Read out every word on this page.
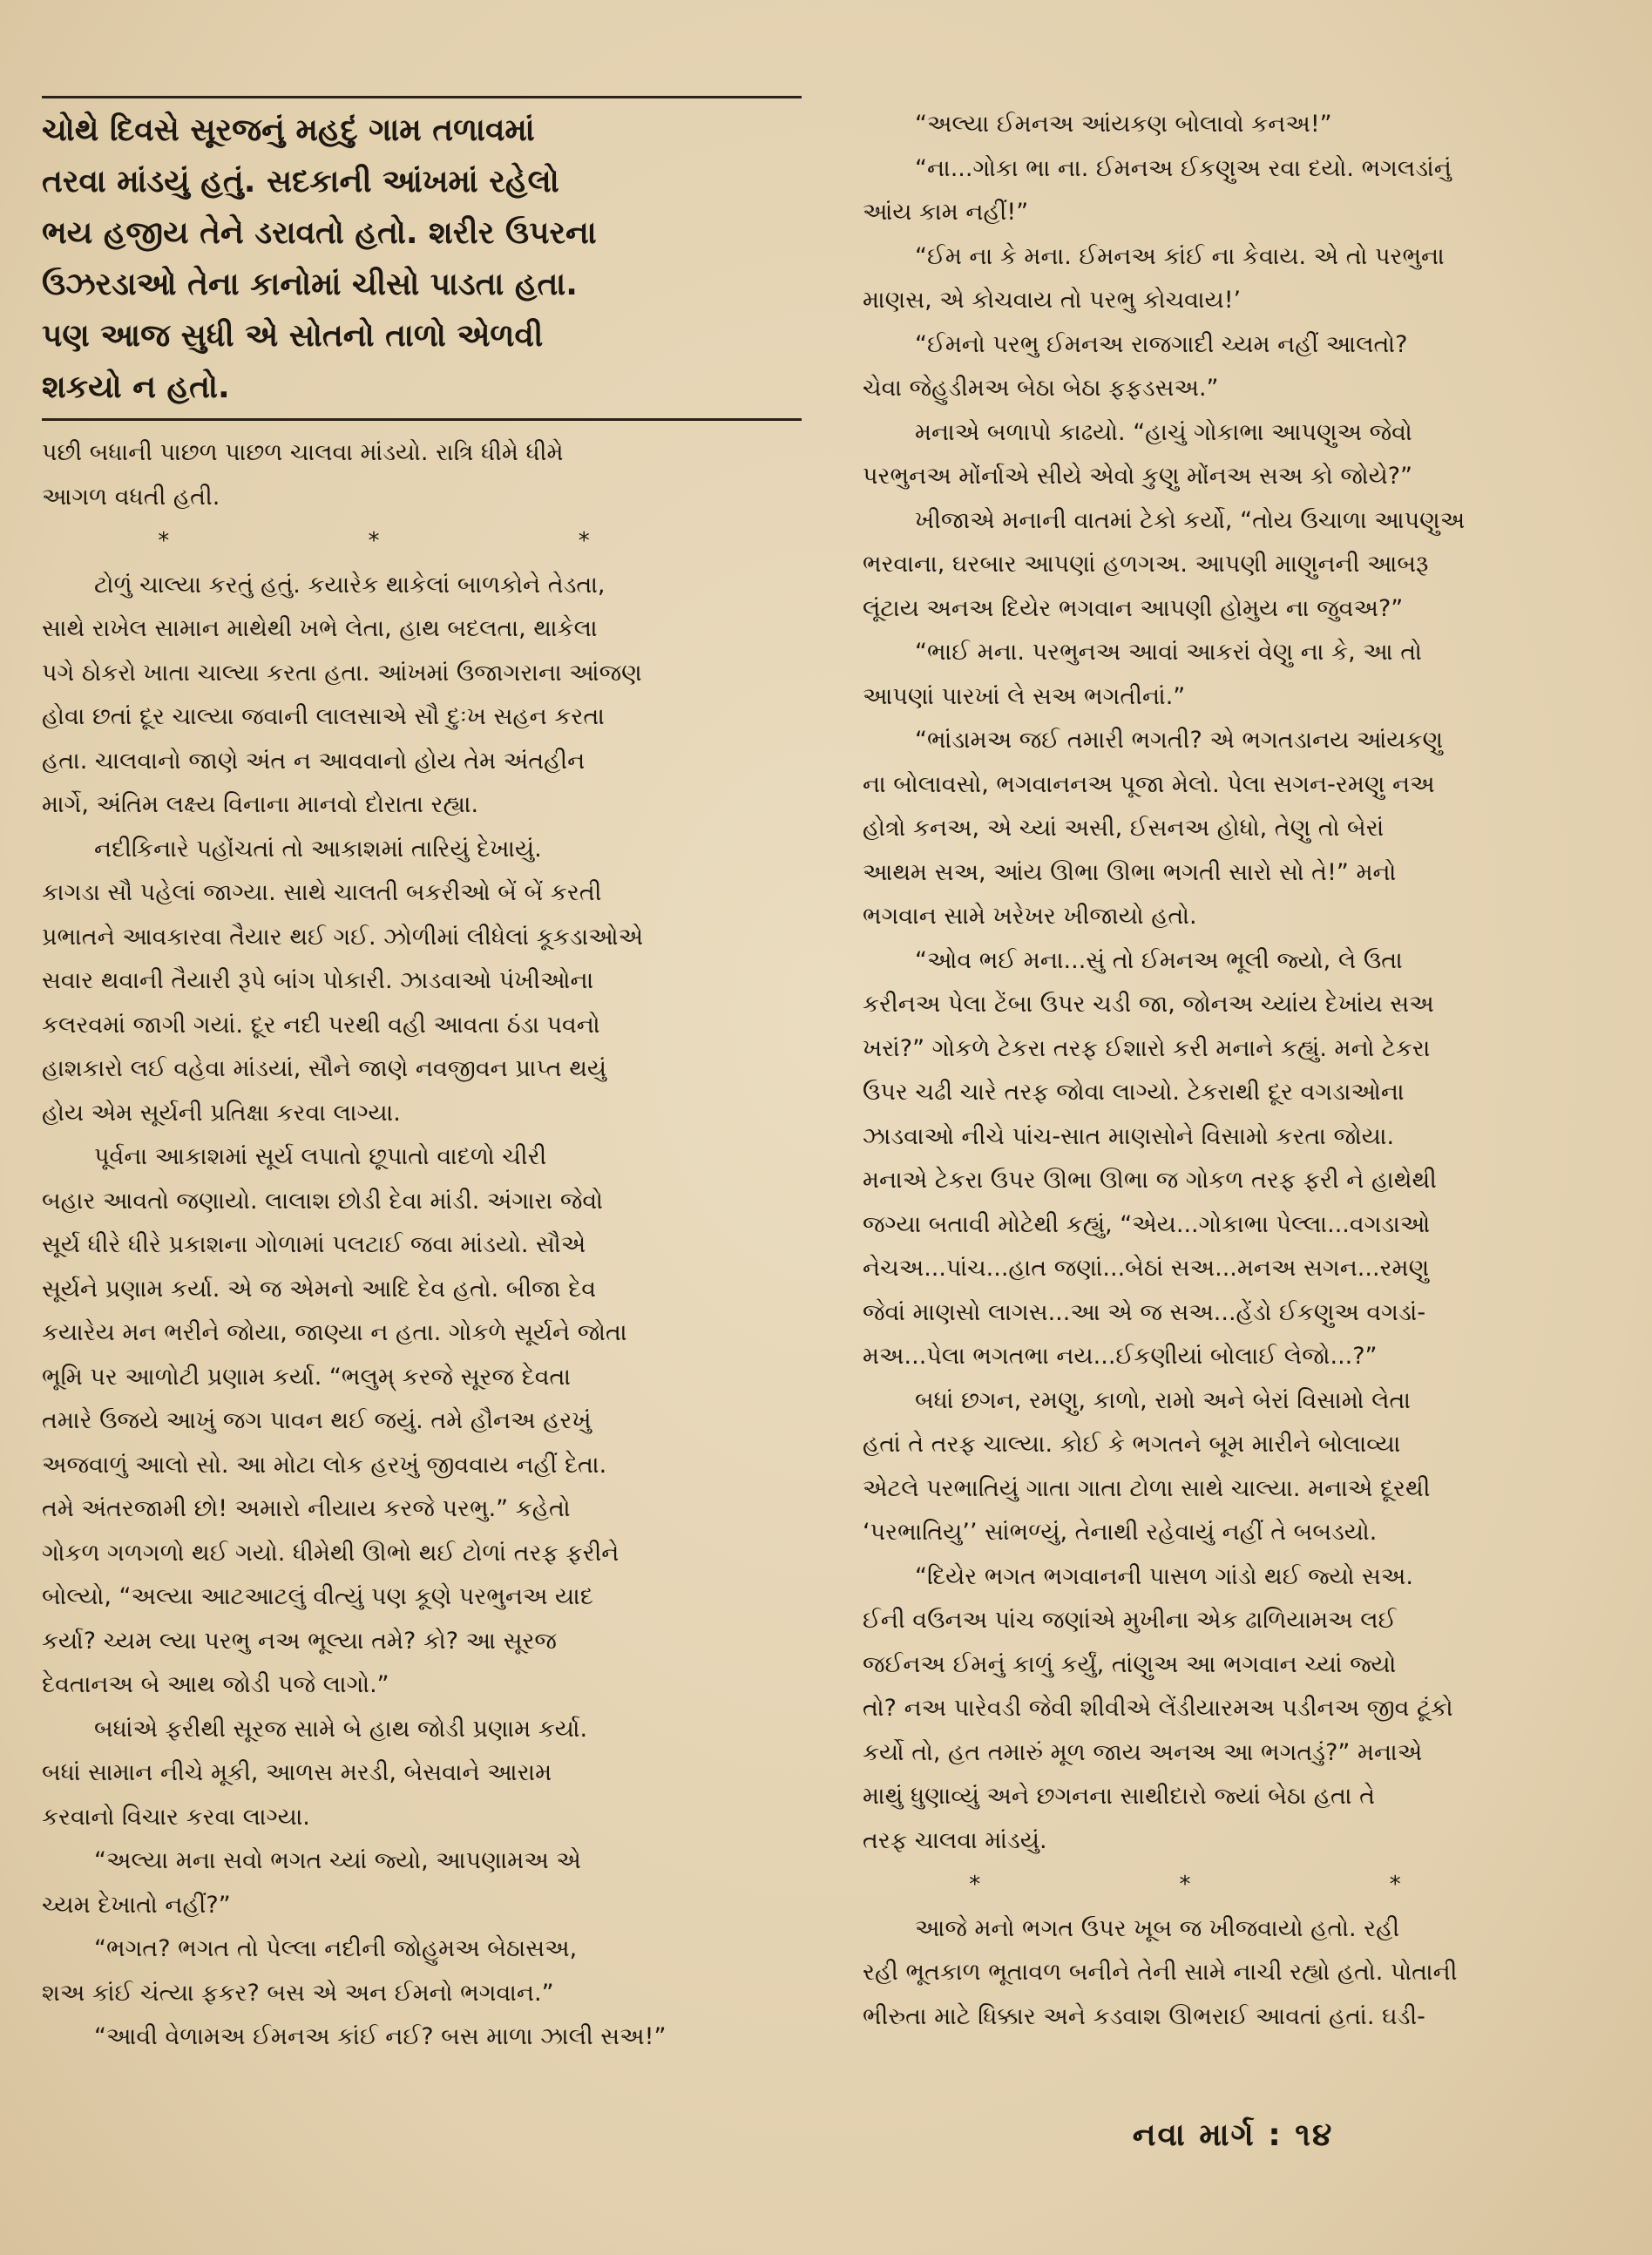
ચોથે દિવસે સૂરજનું મહદું ગામ તળાવમાં
તરવા માંડયું હતું. સદકાની આંખમાં રહેલો
ભય હજીય તેને ડરાવતો હતો. શરીર ઉપરના
ઉઝરડાઓ તેના કાનોમાં ચીસો પાડતા હતા.
પણ આજ સુધી એ સોતનો તાળો એળવી
શકયો ન હતો.
પછી બધાની પાછળ પાછળ ચાલવા માંડયો. રાત્રિ ધીમે ધીમે
આગળ વધતી હતી.
* * *
ટોળું ચાલ્યા કરતું હતું. કયારેક થાકેલાં બાળકોને તેડતા,
સાથે રાખેલ સામાન માથેથી ખભે લેતા, હાથ બદલતા, થાકેલા
પગે ઠોકરો ખાતા ચાલ્યા કરતા હતા. આંખમાં ઉજાગરાના આંજણ
હોવા છતાં દૂર ચાલ્યા જવાની લાલસાએ સૌ દુઃખ સહન કરતા
હતા. ચાલવાનો જાણે અંત ન આવવાનો હોય તેમ અંતહીન
માર્ગે, અંતિમ લક્ષ્ય વિનાના માનવો દોરાતા રહ્યા.
નદીકિનારે પહોંચતાં તો આકાશમાં તારિયું દેખાયું.
કાગડા સૌ પહેલાં જાગ્યા. સાથે ચાલતી બકરીઓ બેં બેં કરતી
પ્રભાતને આવકારવા તૈયાર થઈ ગઈ. ઝોળીમાં લીધેલાં કૂકડાઓએ
સવાર થવાની તૈયારી રૂપે બાંગ પોકારી. ઝાડવાઓ પંખીઓના
કલરવમાં જાગી ગયાં. દૂર નદી પરથી વહી આવતા ઠંડા પવનો
હાશકારો લઈ વહેવા માંડયાં, સૌને જાણે નવજીવન પ્રાપ્ત થયું
હોય એમ સૂર્યની પ્રતિક્ષા કરવા લાગ્યા.
પૂર્વના આકાશમાં સૂર્ય લપાતો છૂપાતો વાદળો ચીરી
બહાર આવતો જણાયો. લાલાશ છોડી દેવા માંડી. અંગારા જેવો
સૂર્ય ધીરે ધીરે પ્રકાશના ગોળામાં પલટાઈ જવા માંડયો. સૌએ
સૂર્યને પ્રણામ કર્યા. એ જ એમનો આદિ દેવ હતો. બીજા દેવ
કયારેય મન ભરીને જોયા, જાણ્યા ન હતા. ગોકળે સૂર્યને જોતા
ભૂમિ પર આળોટી પ્રણામ કર્યા. “ભલુમ્ કરજે સૂરજ દેવતા
તમારે ઉજયે આખું જગ પાવન થઈ જયું. તમે હૌનઅ હરખું
અજવાળું આલો સો. આ મોટા લોક હરખું જીવવાય નહીં દેતા.
તમે અંતરજામી છો! અમારો નીયાય કરજે પરભુ.” કહેતો
ગોકળ ગળગળો થઈ ગયો. ધીમેથી ઊભો થઈ ટોળાં તરફ ફરીને
બોલ્યો, “અલ્યા આટઆટલું વીત્યું પણ કૂણે પરભુનઅ યાદ
કર્યા? ચ્યમ લ્યા પરભુ નઅ ભૂલ્યા તમે? કો? આ સૂરજ
દેવતાનઅ બે આથ જોડી પજે લાગો.”
બધાંએ ફરીથી સૂરજ સામે બે હાથ જોડી પ્રણામ કર્યા.
બધાં સામાન નીચે મૂકી, આળસ મરડી, બેસવાને આરામ
કરવાનો વિચાર કરવા લાગ્યા.
“અલ્યા મના સવો ભગત ચ્યાં જ્યો, આપણામઅ એ
ચ્યમ દેખાતો નહીં?”
“ભગત? ભગત તો પેલ્લા નદીની જોહુમઅ બેઠાસઅ,
શઅ કાંઈ ચંત્યા ફકર? બસ એ અન ઈમનો ભગવાન.”
“આવી વેળામઅ ઈમનઅ કાંઈ નઈ? બસ માળા ઝાલી સઅ!”
“અલ્યા ઈમનઅ આંયકણ બોલાવો કનઅ!”
“ના...ગોકા ભા ના. ઈમનઅ ઈકણુઅ રવા દયો. ભગલડાંનું
આંય કામ નહીં!”
“ઈમ ના કે મના. ઈમનઅ કાંઈ ના કેવાય. એ તો પરભુના
માણસ, એ કોચવાય તો પરભુ કોચવાય!’
“ઈમનો પરભુ ઈમનઅ રાજગાદી ચ્યમ નહીં આલતો?
ચેવા જેહુડીમઅ બેઠા બેઠા ફફડસઅ.”
મનાએ બળાપો કાઢયો. “હાચું ગોકાભા આપણુઅ જેવો
પરભુનઅ મોંર્નાએ સીયે એવો કુણુ મોંનઅ સઅ કો જોયે?”
ખીજાએ મનાની વાતમાં ટેકો કર્યો, “તોય ઉચાળા આપણુઅ
ભરવાના, ઘરબાર આપણાં હળગઅ. આપણી માણુનની આબરૂ
લૂંટાય અનઅ દિયેર ભગવાન આપણી હોમુય ના જુવઅ?”
“ભાઈ મના. પરભુનઅ આવાં આકરાં વેણુ ના કે, આ તો
આપણાં પારખાં લે સઅ ભગતીનાં.”
“ભાંડામઅ જઈ તમારી ભગતી? એ ભગતડાનય આંયકણુ
ના બોલાવસો, ભગવાનનઅ પૂજા મેલો. પેલા સગન-રમણુ નઅ
હોત્રો કનઅ, એ ચ્યાં અસી, ઈસનઅ હોધો, તેણુ તો બેરાં
આથમ સઅ, આંય ઊભા ઊભા ભગતી સારો સો તે!” મનો
ભગવાન સામે ખરેખર ખીજાયો હતો.
“ઓવ ભઈ મના...સું તો ઈમનઅ ભૂલી જ્યો, લે ઉતા
કરીનઅ પેલા ટેંબા ઉપર ચડી જા, જોનઅ ચ્યાંય દેખાંય સઅ
ખરાં?” ગોકળે ટેકરા તરફ ઈશારો કરી મનાને કહ્યું. મનો ટેકરા
ઉપર ચઢી ચારે તરફ જોવા લાગ્યો. ટેકરાથી દૂર વગડાઓના
ઝાડવાઓ નીચે પાંચ-સાત માણસોને વિસામો કરતા જોયા.
મનાએ ટેકરા ઉપર ઊભા ઊભા જ ગોકળ તરફ ફરી ને હાથેથી
જગ્યા બતાવી મોટેથી કહ્યું, “એય...ગોકાભા પેલ્લા...વગડાઓ
નેચઅ...પાંચ...હાત જણાં...બેઠાં સઅ...મનઅ સગન...રમણુ
જેવાં માણસો લાગસ...આ એ જ સઅ...હેંડો ઈકણુઅ વગડાં-
મઅ...પેલા ભગતભા નય...ઈકણીયાં બોલાઈ લેજો...?”
બધાં છગન, રમણુ, કાળો, રામો અને બેરાં વિસામો લેતા
હતાં તે તરફ ચાલ્યા. કોઈ કે ભગતને બૂમ મારીને બોલાવ્યા
એટલે પરભાતિયું ગાતા ગાતા ટોળા સાથે ચાલ્યા. મનાએ દૂરથી
‘પરભાતિયુ’’ સાંભળ્યું, તેનાથી રહેવાયું નહીં તે બબડયો.
“દિયેર ભગત ભગવાનની પાસળ ગાંડો થઈ જ્યો સઅ.
ઈની વઉનઅ પાંચ જણાંએ મુખીના એક ઢાળિયામઅ લઈ
જઈનઅ ઈમનું કાળું કર્યું, તાંણુઅ આ ભગવાન ચ્યાં જ્યો
તો? નઅ પારેવડી જેવી શીવીએ લેંડીયારમઅ પડીનઅ જીવ ટૂંકો
કર્યો તો, હત તમારું મૂળ જાય અનઅ આ ભગતડું?” મનાએ
માથું ધુણાવ્યું અને છગનના સાથીદારો જ્યાં બેઠા હતા તે
તરફ ચાલવા માંડયું.
* * *
આજે મનો ભગત ઉપર ખૂબ જ ખીજવાયો હતો. રહી
રહી ભૂતકાળ ભૂતાવળ બનીને તેની સામે નાચી રહ્યો હતો. પોતાની
ભીરુતા માટે ધિક્કાર અને કડવાશ ઊભરાઈ આવતાં હતાં. ઘડી-
નવા માર્ગ : ૧૪
